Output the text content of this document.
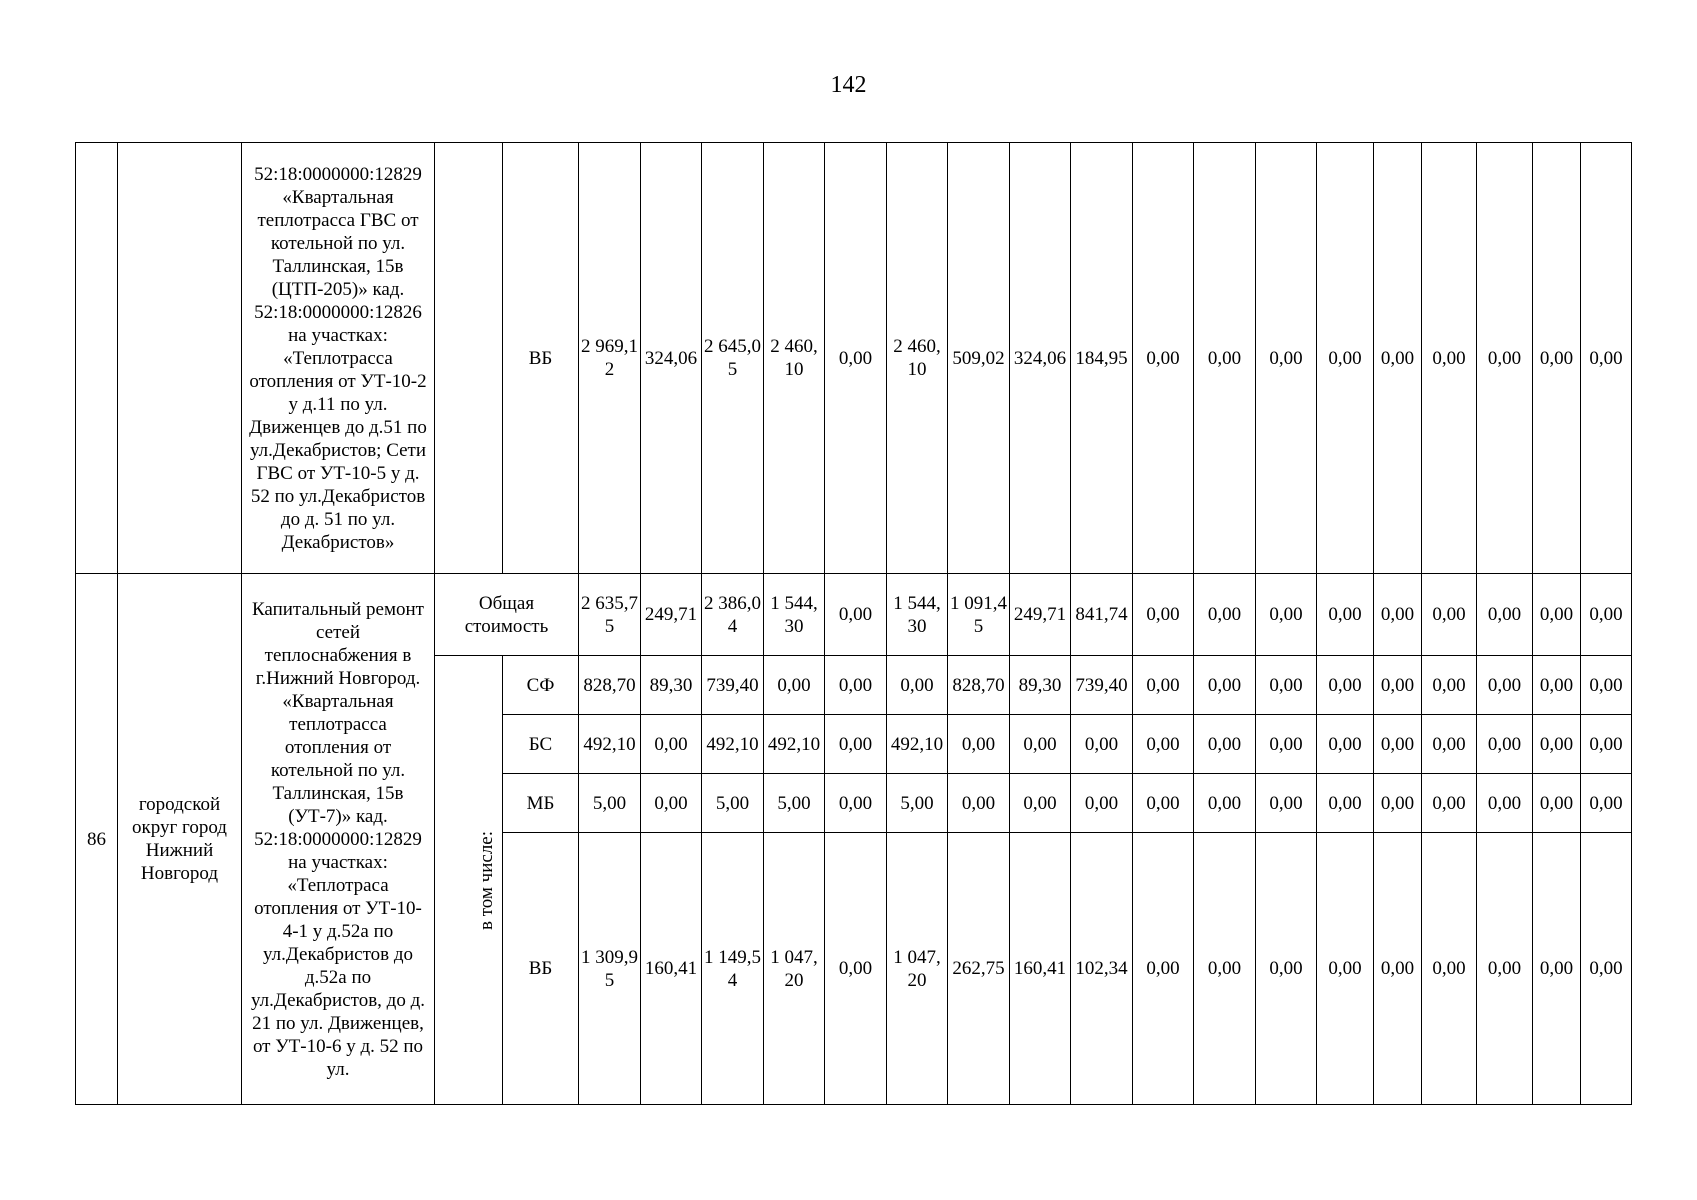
142
		52:18:0000000:12829 «Квартальная теплотрасса ГВС от котельной по ул. Таллинская, 15в (ЦТП-205)» кад. 52:18:0000000:12826 на участках: «Теплотрасса отопления от УТ-10-2 у д.11 по ул. Движенцев до д.51 по ул.Декабристов; Сети ГВС от УТ-10-5 у д. 52 по ул.Декабристов до д. 51 по ул. Декабристов»		ВБ	2 969,12	324,06	2 645,05	2 460,10	0,00	2 460,10	509,02	324,06	184,95	0,00	0,00	0,00	0,00	0,00	0,00	0,00	0,00	0,00
86	городской округ город Нижний Новгород	Капитальный ремонт сетей теплоснабжения в г.Нижний Новгород. «Квартальная теплотрасса отопления от котельной по ул. Таллинская, 15в (УТ-7)» кад. 52:18:0000000:12829 на участках: «Теплотраса отопления от УТ-10-4-1 у д.52а по ул.Декабристов до д.52а по ул.Декабристов, до д. 21 по ул. Движенцев, от УТ-10-6 у д. 52 по ул.	Общая стоимость		2 635,75	249,71	2 386,04	1 544,30	0,00	1 544,30	1 091,45	249,71	841,74	0,00	0,00	0,00	0,00	0,00	0,00	0,00	0,00	0,00
			в том числе:	СФ	828,70	89,30	739,40	0,00	0,00	0,00	828,70	89,30	739,40	0,00	0,00	0,00	0,00	0,00	0,00	0,00	0,00	0,00
				БС	492,10	0,00	492,10	492,10	0,00	492,10	0,00	0,00	0,00	0,00	0,00	0,00	0,00	0,00	0,00	0,00	0,00	0,00
				МБ	5,00	0,00	5,00	5,00	0,00	5,00	0,00	0,00	0,00	0,00	0,00	0,00	0,00	0,00	0,00	0,00	0,00	0,00
				ВБ	1 309,95	160,41	1 149,54	1 047,20	0,00	1 047,20	262,75	160,41	102,34	0,00	0,00	0,00	0,00	0,00	0,00	0,00	0,00	0,00
